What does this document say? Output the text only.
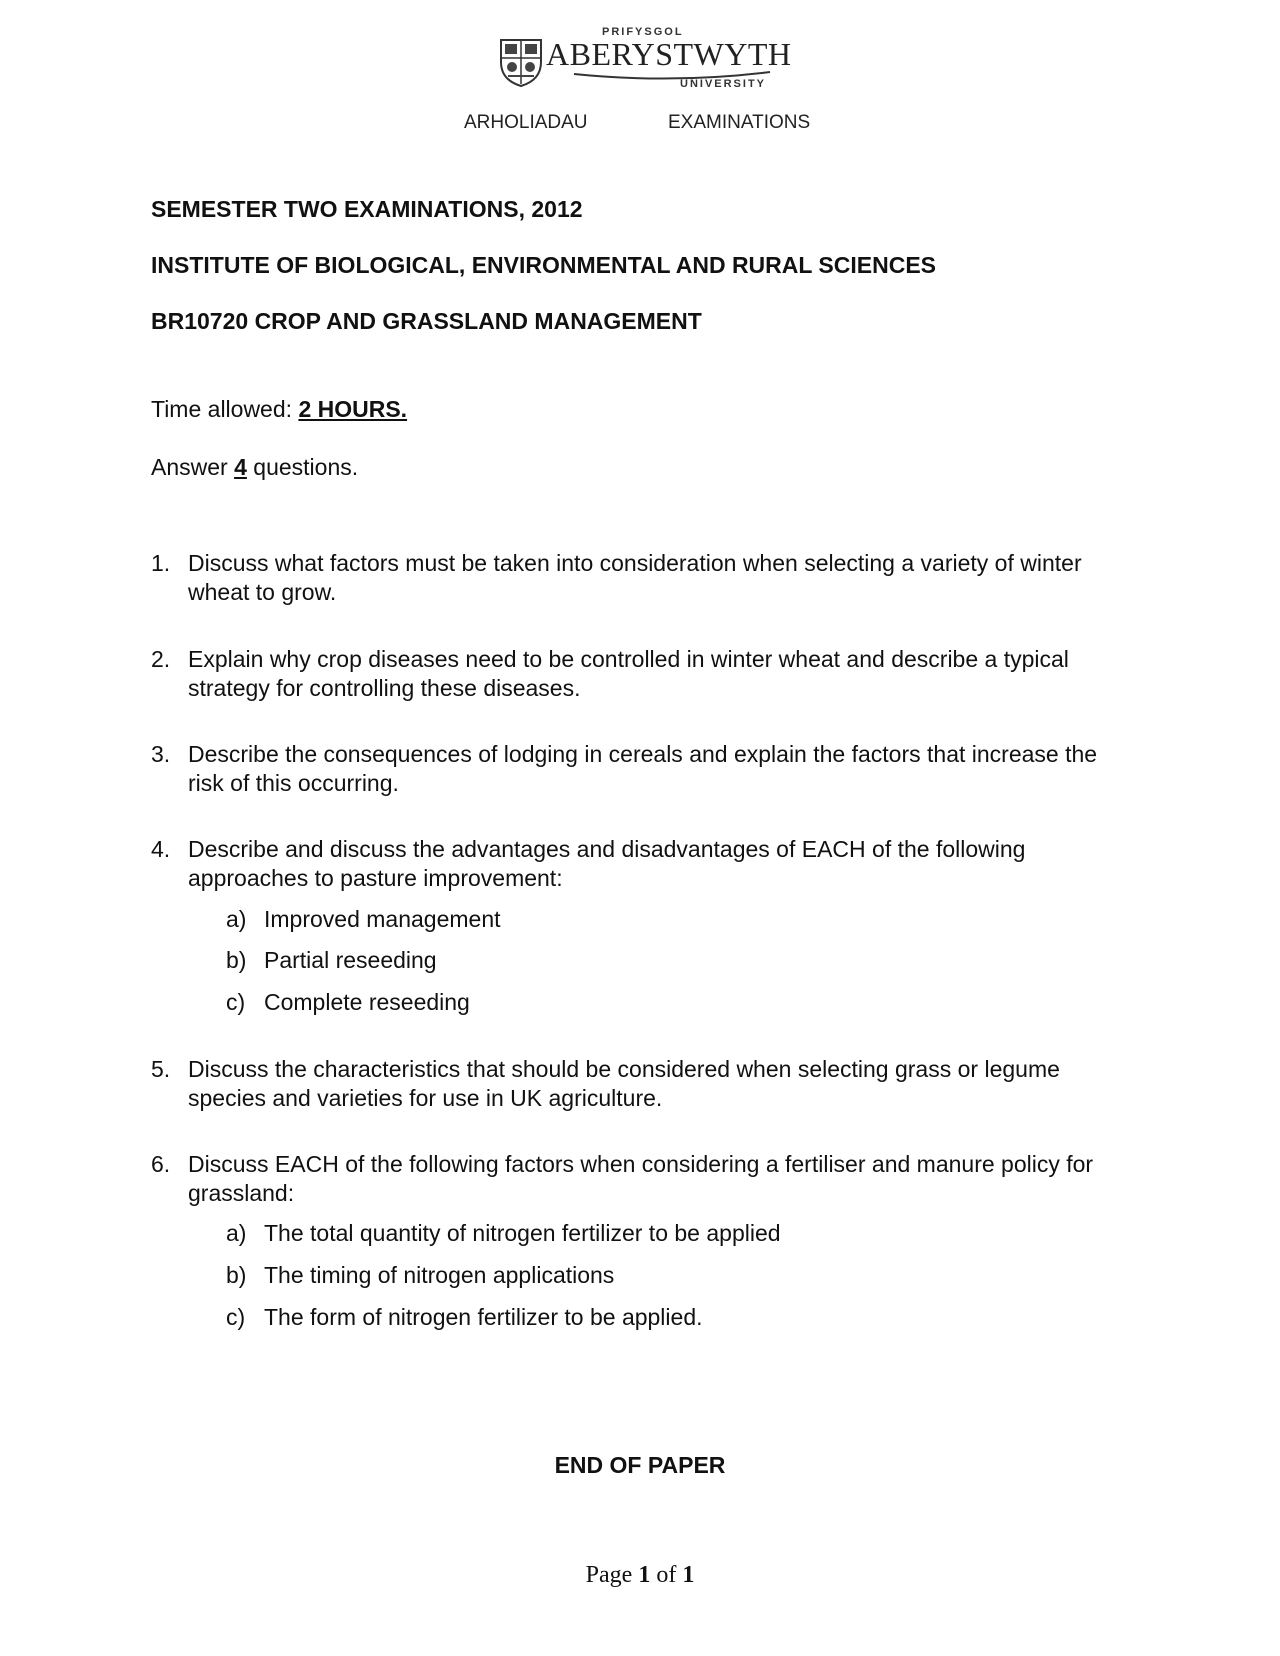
PRIFYSGOL
ABERYSTWYTH
UNIVERSITY
ARHOLIADAU	EXAMINATIONS
SEMESTER TWO EXAMINATIONS, 2012
INSTITUTE OF BIOLOGICAL, ENVIRONMENTAL AND RURAL SCIENCES
BR10720 CROP AND GRASSLAND MANAGEMENT
Time allowed: 2 HOURS.
Answer 4 questions.
1. Discuss what factors must be taken into consideration when selecting a variety of winter wheat to grow.
2. Explain why crop diseases need to be controlled in winter wheat and describe a typical strategy for controlling these diseases.
3. Describe the consequences of lodging in cereals and explain the factors that increase the risk of this occurring.
4. Describe and discuss the advantages and disadvantages of EACH of the following approaches to pasture improvement:
a) Improved management
b) Partial reseeding
c) Complete reseeding
5. Discuss the characteristics that should be considered when selecting grass or legume species and varieties for use in UK agriculture.
6. Discuss EACH of the following factors when considering a fertiliser and manure policy for grassland:
a) The total quantity of nitrogen fertilizer to be applied
b) The timing of nitrogen applications
c) The form of nitrogen fertilizer to be applied.
END OF PAPER
Page 1 of 1
